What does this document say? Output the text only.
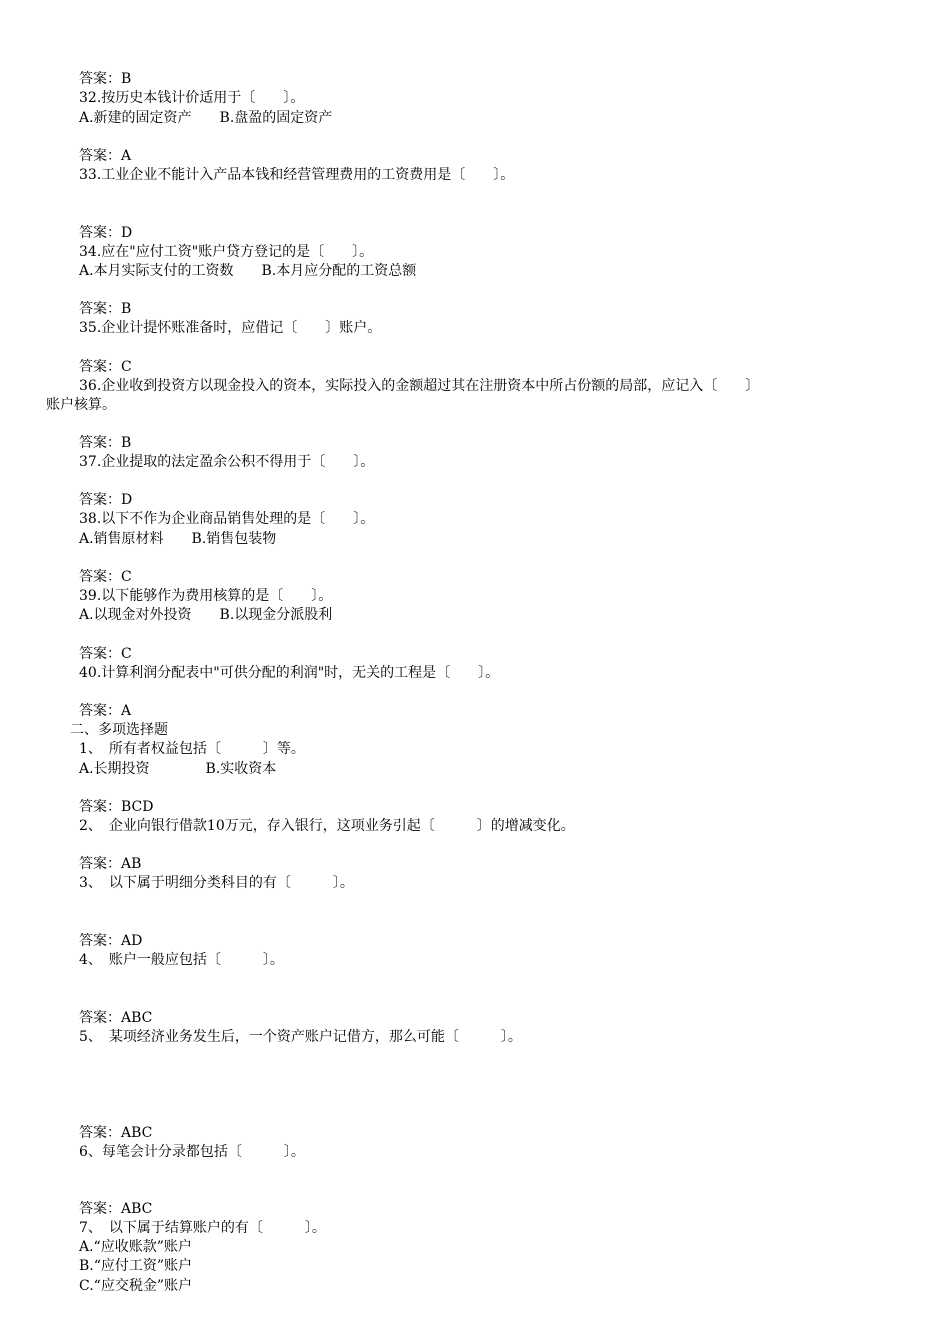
答案：B
32.按历史本钱计价适用于〔　　〕。
A.新建的固定资产　　B.盘盈的固定资产
答案：A
33.工业企业不能计入产品本钱和经营管理费用的工资费用是〔　　〕。
答案：D
34.应在"应付工资"账户贷方登记的是〔　　〕。
A.本月实际支付的工资数　　B.本月应分配的工资总额
答案：B
35.企业计提怀账准备时，应借记〔　　〕账户。
答案：C
36.企业收到投资方以现金投入的资本，实际投入的金额超过其在注册资本中所占份额的局部，应记入〔　　〕
账户核算。
答案：B
37.企业提取的法定盈余公积不得用于〔　　〕。
答案：D
38.以下不作为企业商品销售处理的是〔　　〕。
A.销售原材料　　B.销售包装物
答案：C
39.以下能够作为费用核算的是〔　　〕。
A.以现金对外投资　　B.以现金分派股利
答案：C
40.计算利润分配表中"可供分配的利润"时，无关的工程是〔　　〕。
答案：A
二、多项选择题
1、　所有者权益包括〔　　　〕等。
A.长期投资　　　　B.实收资本
答案：BCD
2、　企业向银行借款10万元，存入银行，这项业务引起〔　　　〕的增减变化。
答案：AB
3、　以下属于明细分类科目的有〔　　　〕。
答案：AD
4、　账户一般应包括〔　　　〕。
答案：ABC
5、　某项经济业务发生后，一个资产账户记借方，那么可能〔　　　〕。
答案：ABC
6、每笔会计分录都包括〔　　　〕。
答案：ABC
7、　以下属于结算账户的有〔　　　〕。
A.“应收账款”账户
B.“应付工资”账户
C.“应交税金”账户
